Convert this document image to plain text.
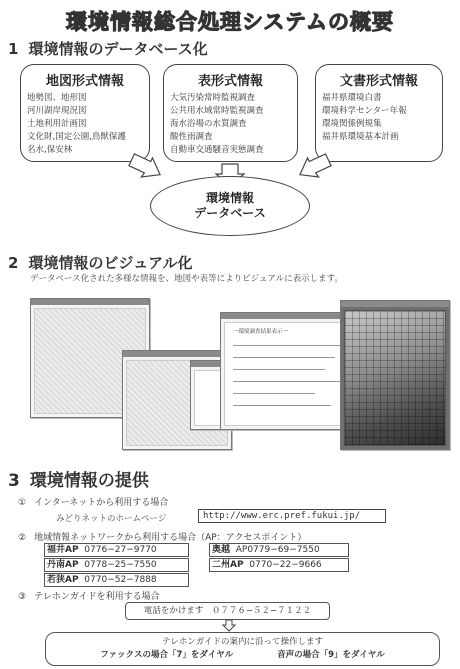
環境情報総合処理システムの概要
1 環境情報のデータベース化
地図形式情報
地勢図、地形図
河川湖岸現況図
土地利用計画図
文化財,国定公園,鳥獣保護
名水,保安林
表形式情報
大気汚染常時監視調査
公共用水域常時監視調査
海水浴場の水質調査
酸性雨調査
自動車交通騒音実態調査
文書形式情報
福井県環境白書
環境科学センター年報
環境関係例規集
福井県環境基本計画
環境情報
データベース
2 環境情報のビジュアル化
データベース化された多様な情報を、地図や表等によりビジュアルに表示します。
一環境調査結果表示一
3 環境情報の提供
① インターネットから利用する場合
みどりネットのホームページ	http://www.erc.pref.fukui.jp/
② 地域情報ネットワークから利用する場合（AP：アクセスポイント）
福井AP 0776−27−9770	奥越 AP0779−69−7550
丹南AP 0778−25−7550	二州AP 0770−22−9666
若狭AP 0770−52−7888
③ テレホンガイドを利用する場合
電話をかけます　０７７６−５２−７１２２
テレホンガイドの案内に沿って操作します
ファックスの場合「7」をダイヤル	音声の場合「9」をダイヤル
